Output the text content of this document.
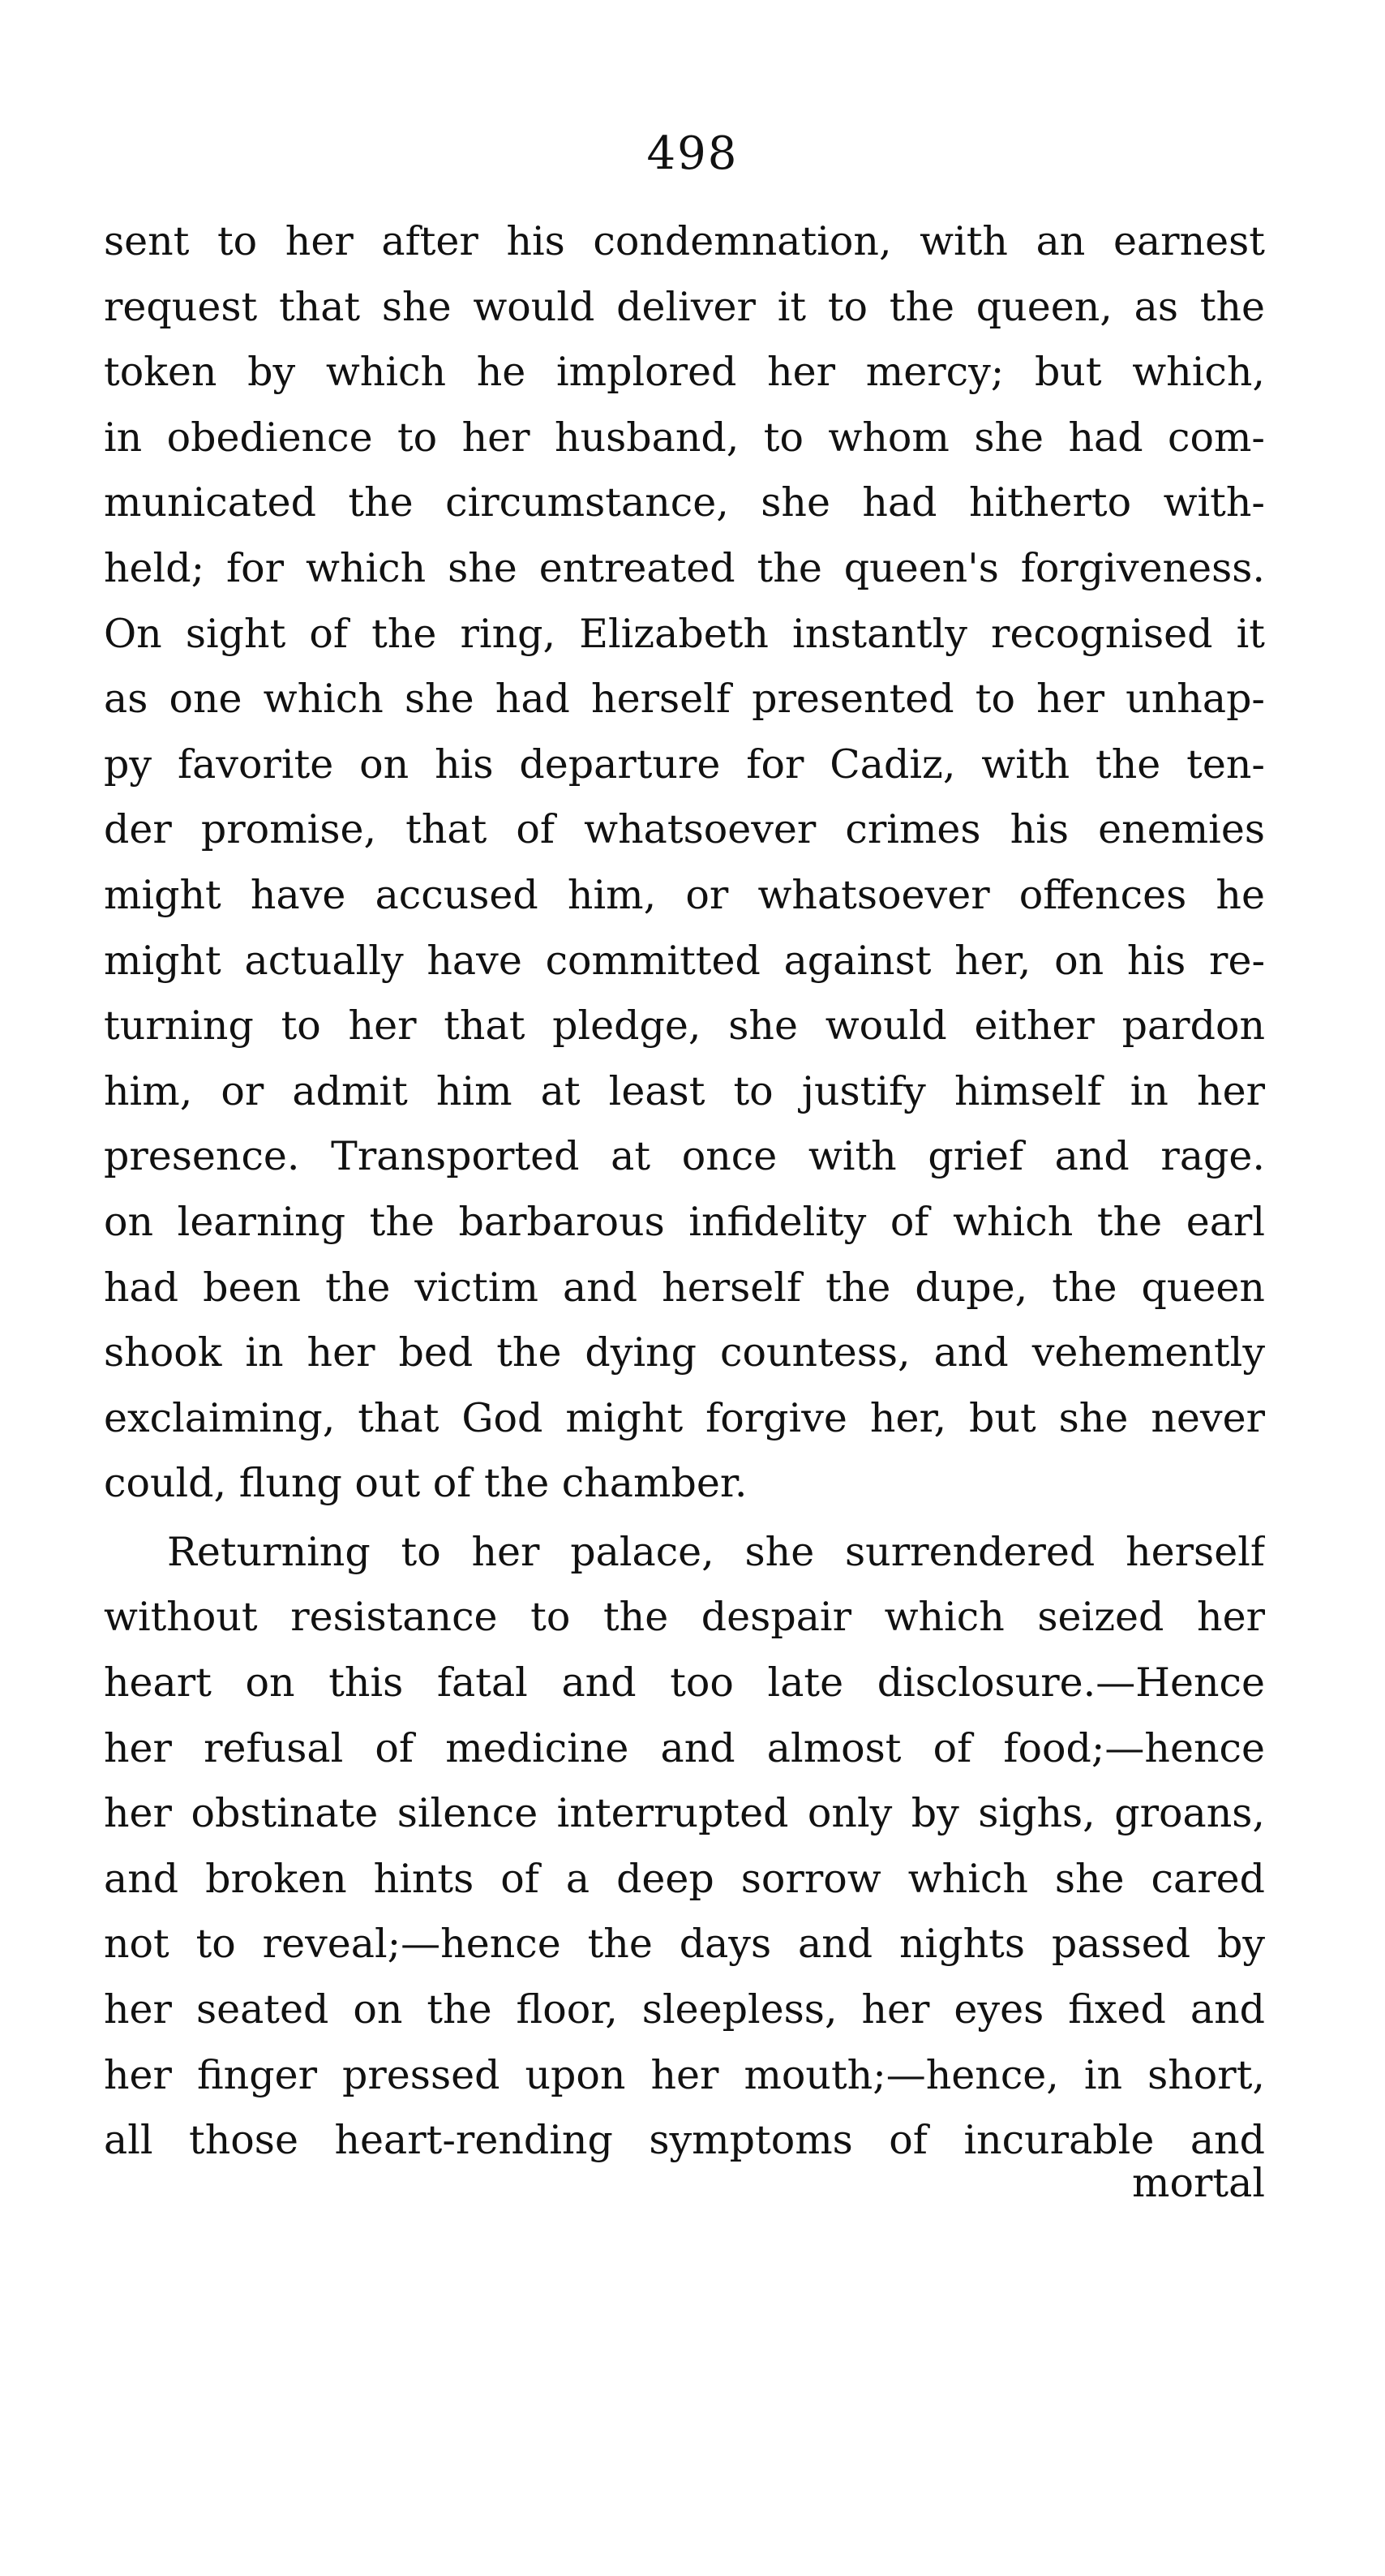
498
sent to her after his condemnation, with an earnest
request that she would deliver it to the queen, as the
token by which he implored her mercy; but which,
in obedience to her husband, to whom she had com-
municated the circumstance, she had hitherto with-
held; for which she entreated the queen's forgiveness.
On sight of the ring, Elizabeth instantly recognised it
as one which she had herself presented to her unhap-
py favorite on his departure for Cadiz, with the ten-
der promise, that of whatsoever crimes his enemies
might have accused him, or whatsoever offences he
might actually have committed against her, on his re-
turning to her that pledge, she would either pardon
him, or admit him at least to justify himself in her
presence. Transported at once with grief and rage.
on learning the barbarous infidelity of which the earl
had been the victim and herself the dupe, the queen
shook in her bed the dying countess, and vehemently
exclaiming, that God might forgive her, but she never
could, flung out of the chamber.
Returning to her palace, she surrendered herself
without resistance to the despair which seized her
heart on this fatal and too late disclosure.—Hence
her refusal of medicine and almost of food;—hence
her obstinate silence interrupted only by sighs, groans,
and broken hints of a deep sorrow which she cared
not to reveal;—hence the days and nights passed by
her seated on the floor, sleepless, her eyes fixed and
her finger pressed upon her mouth;—hence, in short,
all those heart-rending symptoms of incurable and
mortal
